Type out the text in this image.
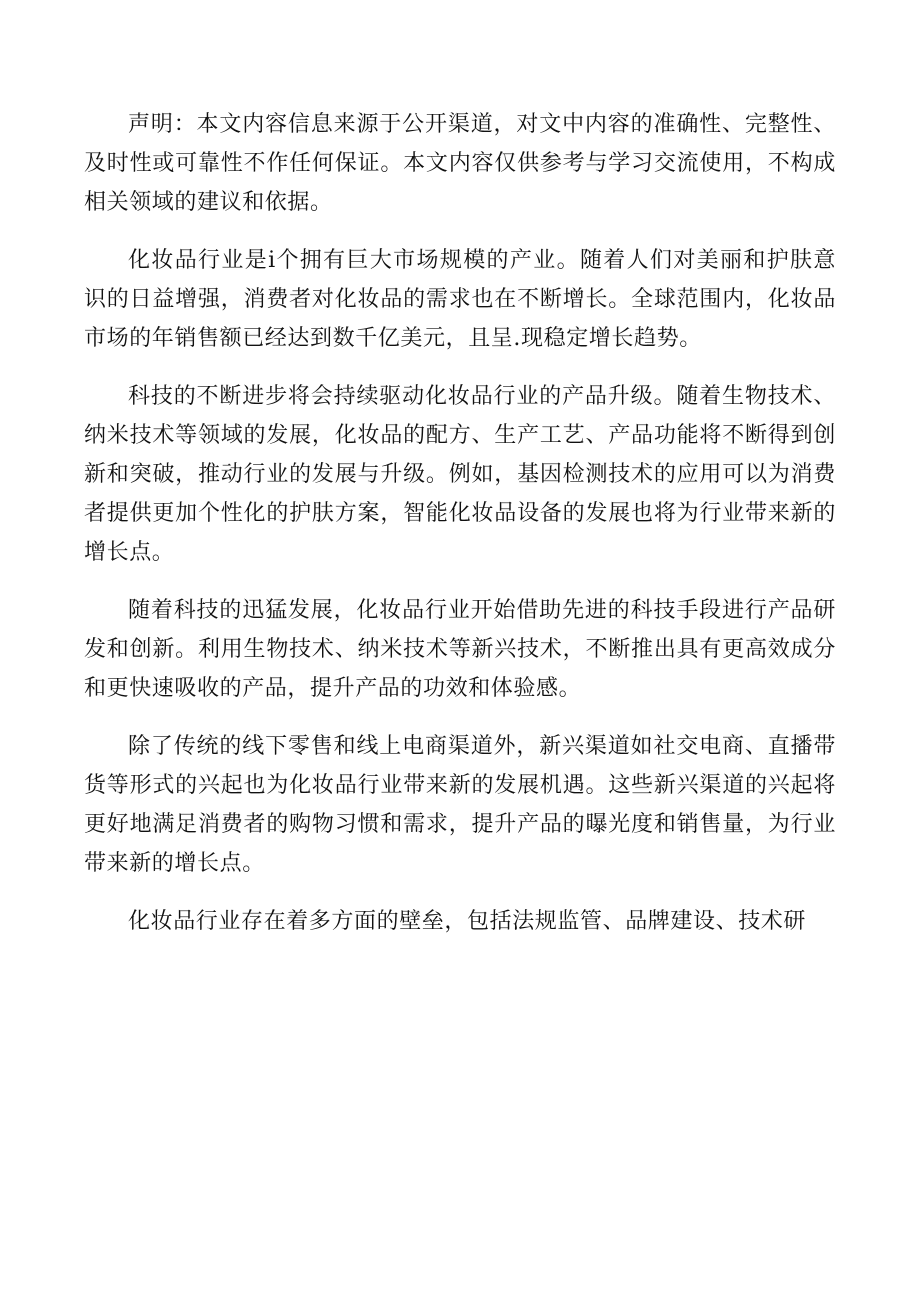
声明：本文内容信息来源于公开渠道，对文中内容的准确性、完整性、及时性或可靠性不作任何保证。本文内容仅供参考与学习交流使用，不构成相关领域的建议和依据。

化妆品行业是i个拥有巨大市场规模的产业。随着人们对美丽和护肤意识的日益增强，消费者对化妆品的需求也在不断增长。全球范围内，化妆品市场的年销售额已经达到数千亿美元，且呈.现稳定增长趋势。

科技的不断进步将会持续驱动化妆品行业的产品升级。随着生物技术、纳米技术等领域的发展，化妆品的配方、生产工艺、产品功能将不断得到创新和突破，推动行业的发展与升级。例如，基因检测技术的应用可以为消费者提供更加个性化的护肤方案，智能化妆品设备的发展也将为行业带来新的增长点。

随着科技的迅猛发展，化妆品行业开始借助先进的科技手段进行产品研发和创新。利用生物技术、纳米技术等新兴技术，不断推出具有更高效成分和更快速吸收的产品，提升产品的功效和体验感。

除了传统的线下零售和线上电商渠道外，新兴渠道如社交电商、直播带货等形式的兴起也为化妆品行业带来新的发展机遇。这些新兴渠道的兴起将更好地满足消费者的购物习惯和需求，提升产品的曝光度和销售量，为行业带来新的增长点。

化妆品行业存在着多方面的壁垒，包括法规监管、品牌建设、技术研
